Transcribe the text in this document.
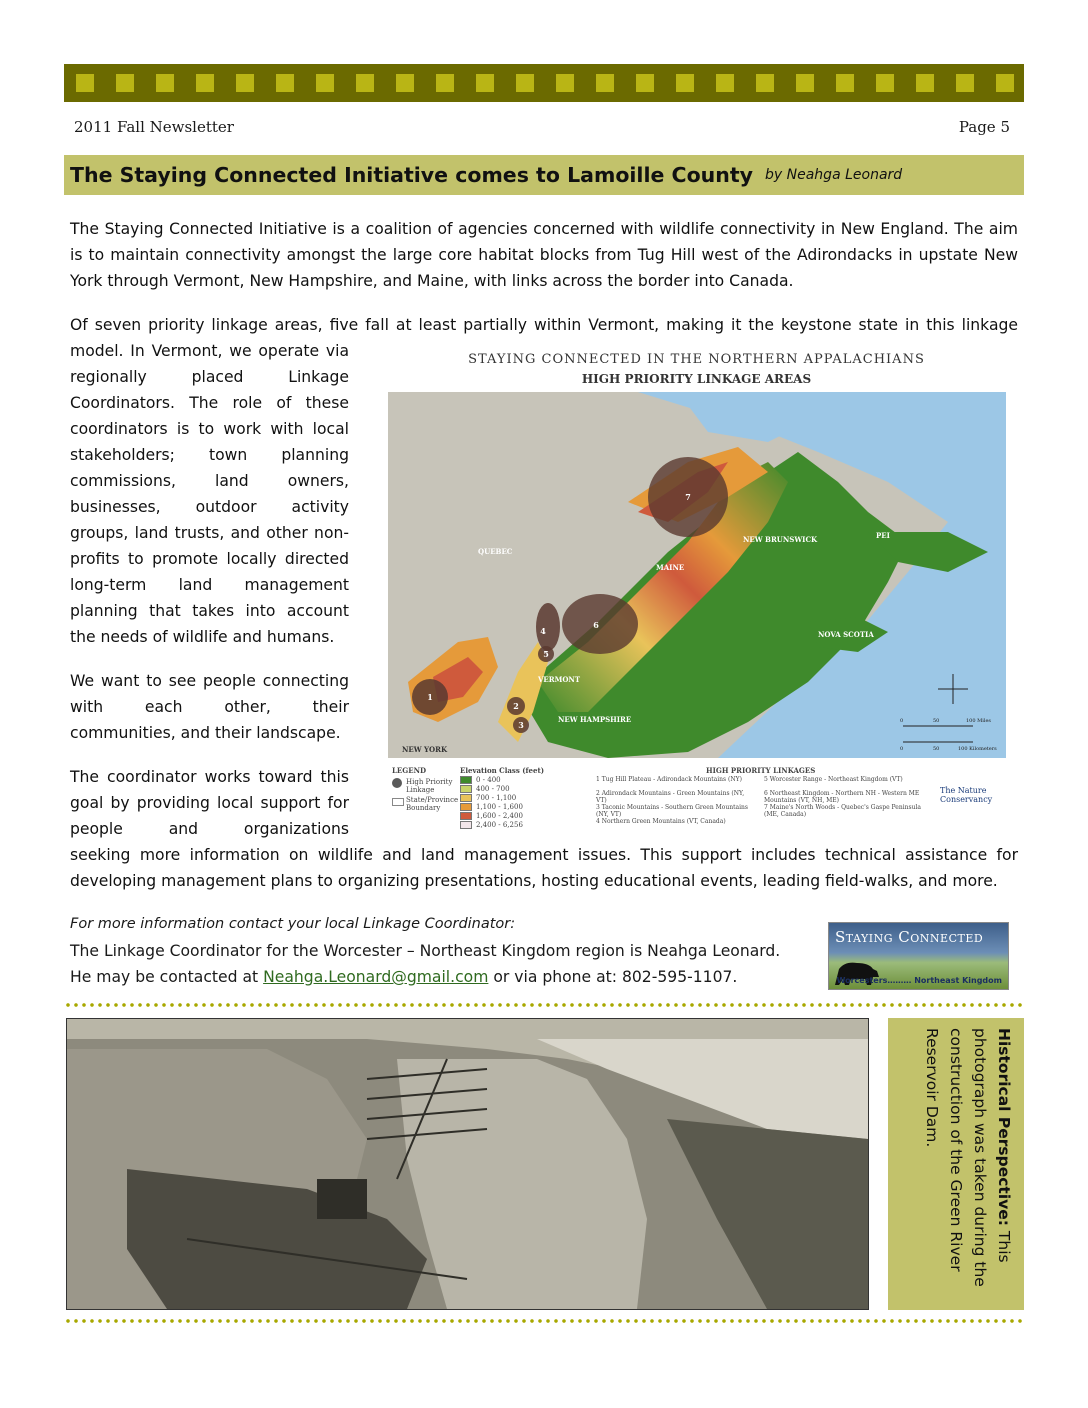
2011 Fall Newsletter	Page 5
The Staying Connected Initiative comes to Lamoille County by Neahga Leonard
The Staying Connected Initiative is a coalition of agencies concerned with wildlife connectivity in New England. The aim is to maintain connectivity amongst the large core habitat blocks from Tug Hill west of the Adirondacks in upstate New York through Vermont, New Hampshire, and Maine, with links across the border into Canada.
Of seven priority linkage areas, five fall at least partially within Vermont, making it the keystone state in this linkage
model. In Vermont, we operate via regionally placed Linkage Coordinators. The role of these coordinators is to work with local stakeholders; town planning commissions, land owners, businesses, outdoor activity groups, land trusts, and other non-profits to promote locally directed long-term land management planning that takes into account the needs of wildlife and humans.
We want to see people connecting with each other, their communities, and their landscape.
The coordinator works toward this goal by providing local support for people and organizations
seeking more information on wildlife and land management issues. This support includes technical assistance for developing management plans to organizing presentations, hosting educational events, leading field-walks, and more.
STAYING CONNECTED IN THE NORTHERN APPALACHIANS
HIGH PRIORITY LINKAGE AREAS
1
2
3
4
5
6
7
QUEBEC
MAINE
NEW BRUNSWICK	PEI
NOVA SCOTIA
VERMONT
NEW HAMPSHIRE
NEW YORK
0	50	100 Miles
0	50	100 Kilometers
LEGEND
High Priority Linkage
State/Province Boundary
Elevation Class (feet)
0 - 400
400 - 700
700 - 1,100
1,100 - 1,600
1,600 - 2,400
2,400 - 6,256
HIGH PRIORITY LINKAGES
1 Tug Hill Plateau - Adirondack Mountains (NY)
2 Adirondack Mountains - Green Mountains (NY, VT)
3 Taconic Mountains - Southern Green Mountains (NY, VT)
4 Northern Green Mountains (VT, Canada)
5 Worcester Range - Northeast Kingdom (VT)
6 Northeast Kingdom - Northern NH - Western ME Mountains (VT, NH, ME)
7 Maine's North Woods - Quebec's Gaspe Peninsula (ME, Canada)
The Nature Conservancy
For more information contact your local Linkage Coordinator:
The Linkage Coordinator for the Worcester – Northeast Kingdom region is Neahga Leonard.
He may be contacted at Neahga.Leonard@gmail.com or via phone at: 802-595-1107.
Staying Connected
Worcesters……… Northeast Kingdom
Historical Perspective: This photograph was taken during the construction of the Green River Reservoir Dam.
